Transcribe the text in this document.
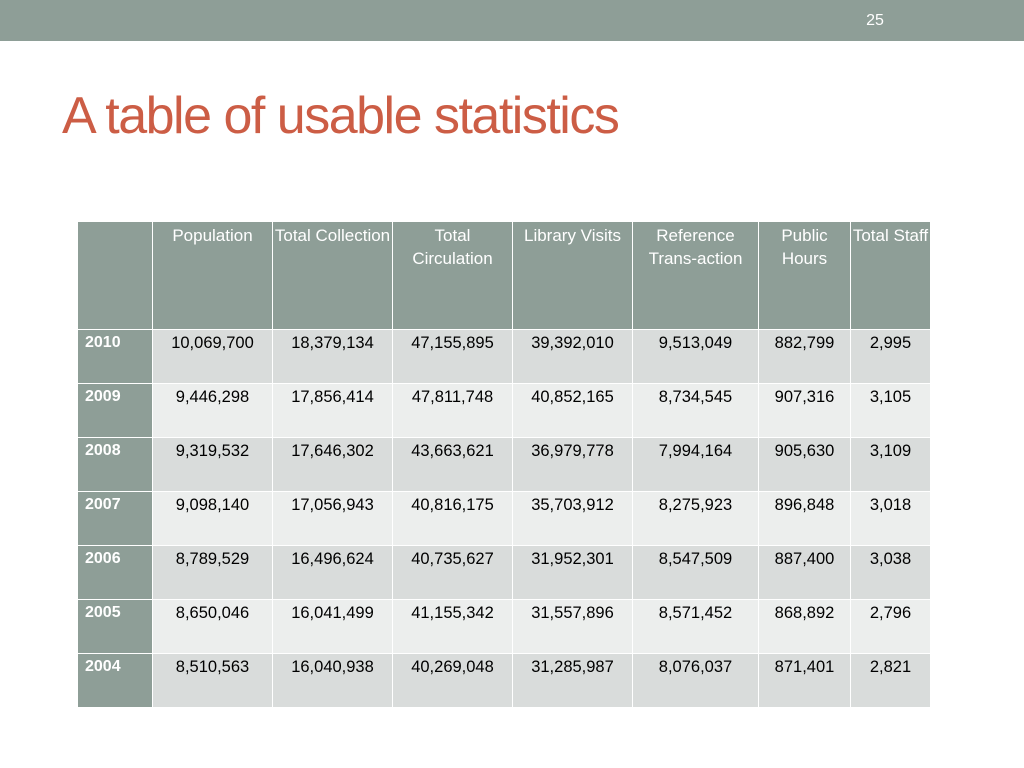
25
A table of usable statistics
	Population	Total Collection	Total Circulation	Library Visits	Reference Trans-action	Public Hours	Total Staff
2010	10,069,700	18,379,134	47,155,895	39,392,010	9,513,049	882,799	2,995
2009	9,446,298	17,856,414	47,811,748	40,852,165	8,734,545	907,316	3,105
2008	9,319,532	17,646,302	43,663,621	36,979,778	7,994,164	905,630	3,109
2007	9,098,140	17,056,943	40,816,175	35,703,912	8,275,923	896,848	3,018
2006	8,789,529	16,496,624	40,735,627	31,952,301	8,547,509	887,400	3,038
2005	8,650,046	16,041,499	41,155,342	31,557,896	8,571,452	868,892	2,796
2004	8,510,563	16,040,938	40,269,048	31,285,987	8,076,037	871,401	2,821
